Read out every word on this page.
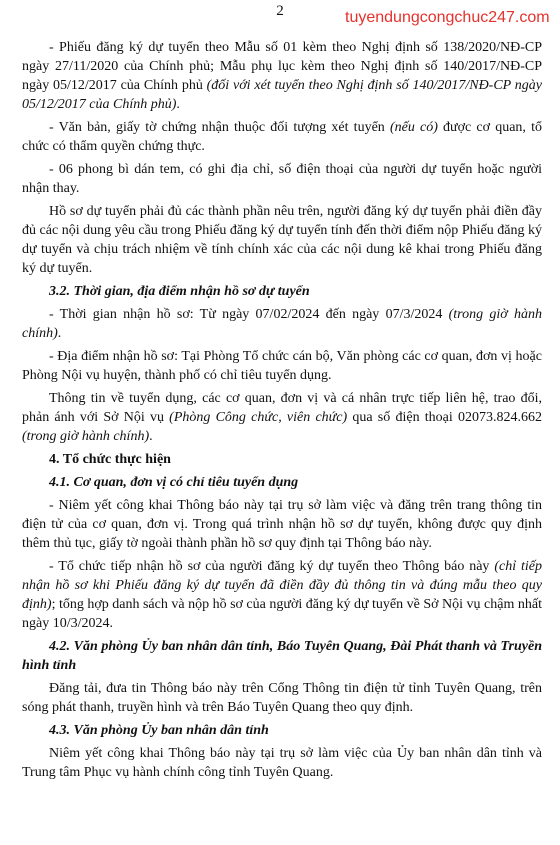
2	tuyendungcongchuc247.com

- Phiếu đăng ký dự tuyển theo Mẫu số 01 kèm theo Nghị định số 138/2020/NĐ-CP ngày 27/11/2020 của Chính phủ; Mẫu phụ lục kèm theo Nghị định số 140/2017/NĐ-CP ngày 05/12/2017 của Chính phủ (đối với xét tuyển theo Nghị định số 140/2017/NĐ-CP ngày 05/12/2017 của Chính phủ).

- Văn bản, giấy tờ chứng nhận thuộc đối tượng xét tuyển (nếu có) được cơ quan, tổ chức có thẩm quyền chứng thực.

- 06 phong bì dán tem, có ghi địa chỉ, số điện thoại của người dự tuyển hoặc người nhận thay.

Hồ sơ dự tuyển phải đủ các thành phần nêu trên, người đăng ký dự tuyển phải điền đầy đủ các nội dung yêu cầu trong Phiếu đăng ký dự tuyển tính đến thời điểm nộp Phiếu đăng ký dự tuyển và chịu trách nhiệm về tính chính xác của các nội dung kê khai trong Phiếu đăng ký dự tuyển.

3.2. Thời gian, địa điểm nhận hồ sơ dự tuyển

- Thời gian nhận hồ sơ: Từ ngày 07/02/2024 đến ngày 07/3/2024 (trong giờ hành chính).

- Địa điểm nhận hồ sơ: Tại Phòng Tổ chức cán bộ, Văn phòng các cơ quan, đơn vị hoặc Phòng Nội vụ huyện, thành phố có chỉ tiêu tuyển dụng.

Thông tin về tuyển dụng, các cơ quan, đơn vị và cá nhân trực tiếp liên hệ, trao đổi, phản ánh với Sở Nội vụ (Phòng Công chức, viên chức) qua số điện thoại 02073.824.662 (trong giờ hành chính).

4. Tổ chức thực hiện

4.1. Cơ quan, đơn vị có chỉ tiêu tuyển dụng

- Niêm yết công khai Thông báo này tại trụ sở làm việc và đăng trên trang thông tin điện tử của cơ quan, đơn vị. Trong quá trình nhận hồ sơ dự tuyển, không được quy định thêm thủ tục, giấy tờ ngoài thành phần hồ sơ quy định tại Thông báo này.

- Tổ chức tiếp nhận hồ sơ của người đăng ký dự tuyển theo Thông báo này (chỉ tiếp nhận hồ sơ khi Phiếu đăng ký dự tuyển đã điền đầy đủ thông tin và đúng mẫu theo quy định); tổng hợp danh sách và nộp hồ sơ của người đăng ký dự tuyển về Sở Nội vụ chậm nhất ngày 10/3/2024.

4.2. Văn phòng Ủy ban nhân dân tỉnh, Báo Tuyên Quang, Đài Phát thanh và Truyền hình tỉnh

Đăng tải, đưa tin Thông báo này trên Cổng Thông tin điện tử tỉnh Tuyên Quang, trên sóng phát thanh, truyền hình và trên Báo Tuyên Quang theo quy định.

4.3. Văn phòng Ủy ban nhân dân tỉnh

Niêm yết công khai Thông báo này tại trụ sở làm việc của Ủy ban nhân dân tỉnh và Trung tâm Phục vụ hành chính công tỉnh Tuyên Quang.
